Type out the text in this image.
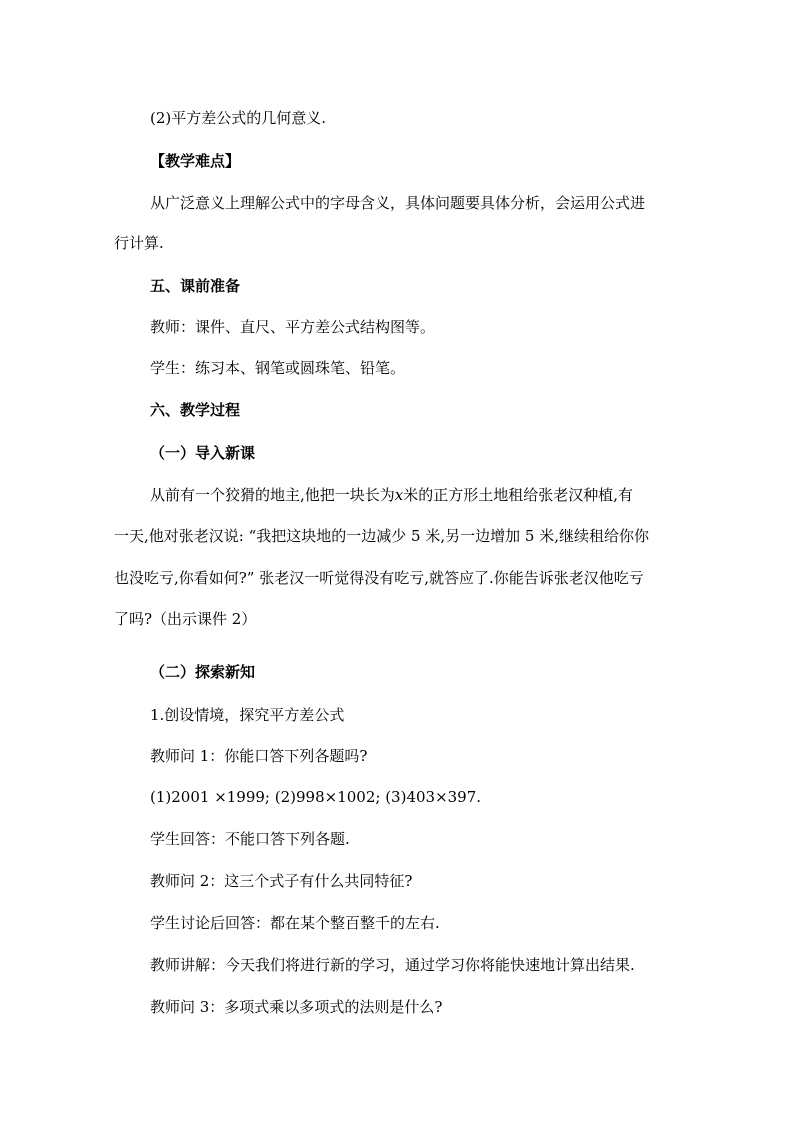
(2)平方差公式的几何意义.
【教学难点】
从广泛意义上理解公式中的字母含义，具体问题要具体分析，会运用公式进
行计算.
五、课前准备
教师：课件、直尺、平方差公式结构图等。
学生：练习本、钢笔或圆珠笔、铅笔。
六、教学过程
（一）导入新课
从前有一个狡猾的地主,他把一块长为x米的正方形土地租给张老汉种植,有
一天,他对张老汉说: “我把这块地的一边减少 5 米,另一边增加 5 米,继续租给你你
也没吃亏,你看如何?” 张老汉一听觉得没有吃亏,就答应了.你能告诉张老汉他吃亏
了吗?（出示课件 2）
（二）探索新知
1.创设情境，探究平方差公式
教师问 1：你能口答下列各题吗?
(1)2001 ×1999; (2)998×1002; (3)403×397.
学生回答：不能口答下列各题.
教师问 2：这三个式子有什么共同特征?
学生讨论后回答：都在某个整百整千的左右.
教师讲解：今天我们将进行新的学习，通过学习你将能快速地计算出结果.
教师问 3：多项式乘以多项式的法则是什么?
